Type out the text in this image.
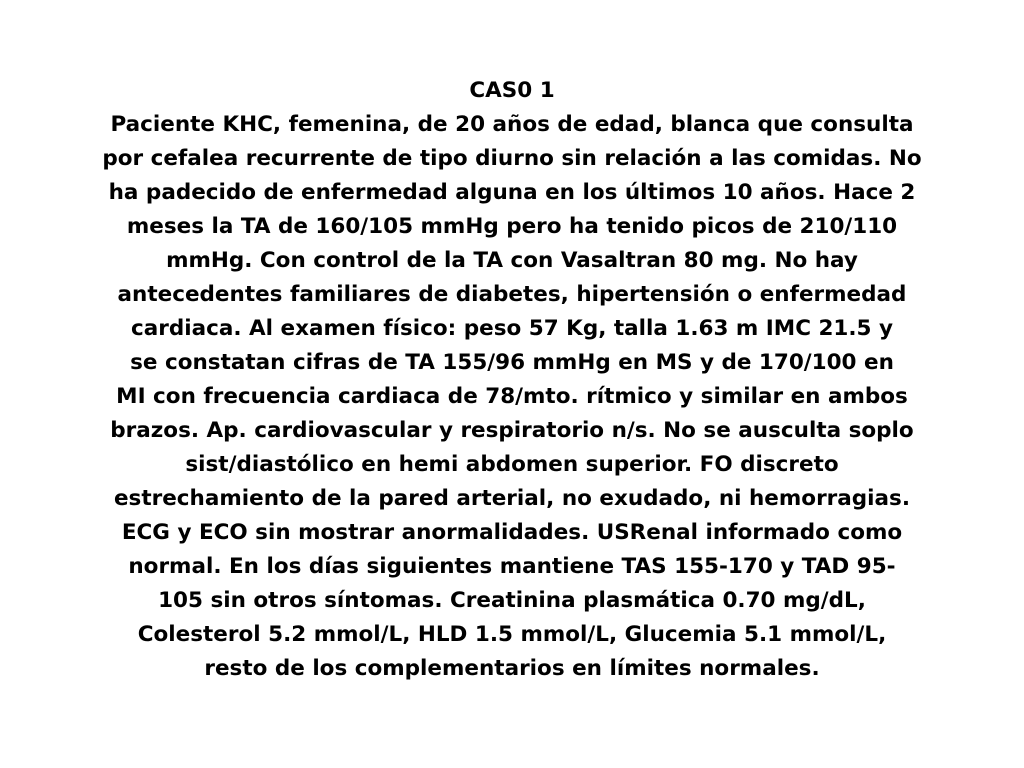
CAS0 1
Paciente KHC, femenina, de 20 años de edad, blanca que consulta
por cefalea recurrente de tipo diurno sin relación a las comidas. No
ha padecido de enfermedad alguna en los últimos 10 años. Hace 2
meses la TA de 160/105 mmHg pero ha tenido picos de 210/110
mmHg. Con control de la TA con Vasaltran 80 mg. No hay
antecedentes familiares de diabetes, hipertensión o enfermedad
cardiaca. Al examen físico: peso 57 Kg, talla 1.63 m IMC 21.5 y
se constatan cifras de TA 155/96 mmHg en MS y de 170/100 en
MI con frecuencia cardiaca de 78/mto. rítmico y similar en ambos
brazos. Ap. cardiovascular y respiratorio n/s. No se ausculta soplo
sist/diastólico en hemi abdomen superior. FO discreto
estrechamiento de la pared arterial, no exudado, ni hemorragias.
ECG y ECO sin mostrar anormalidades. USRenal informado como
normal. En los días siguientes mantiene TAS 155-170 y TAD 95-
105 sin otros síntomas. Creatinina plasmática 0.70 mg/dL,
Colesterol 5.2 mmol/L, HLD 1.5 mmol/L, Glucemia 5.1 mmol/L,
resto de los complementarios en límites normales.
